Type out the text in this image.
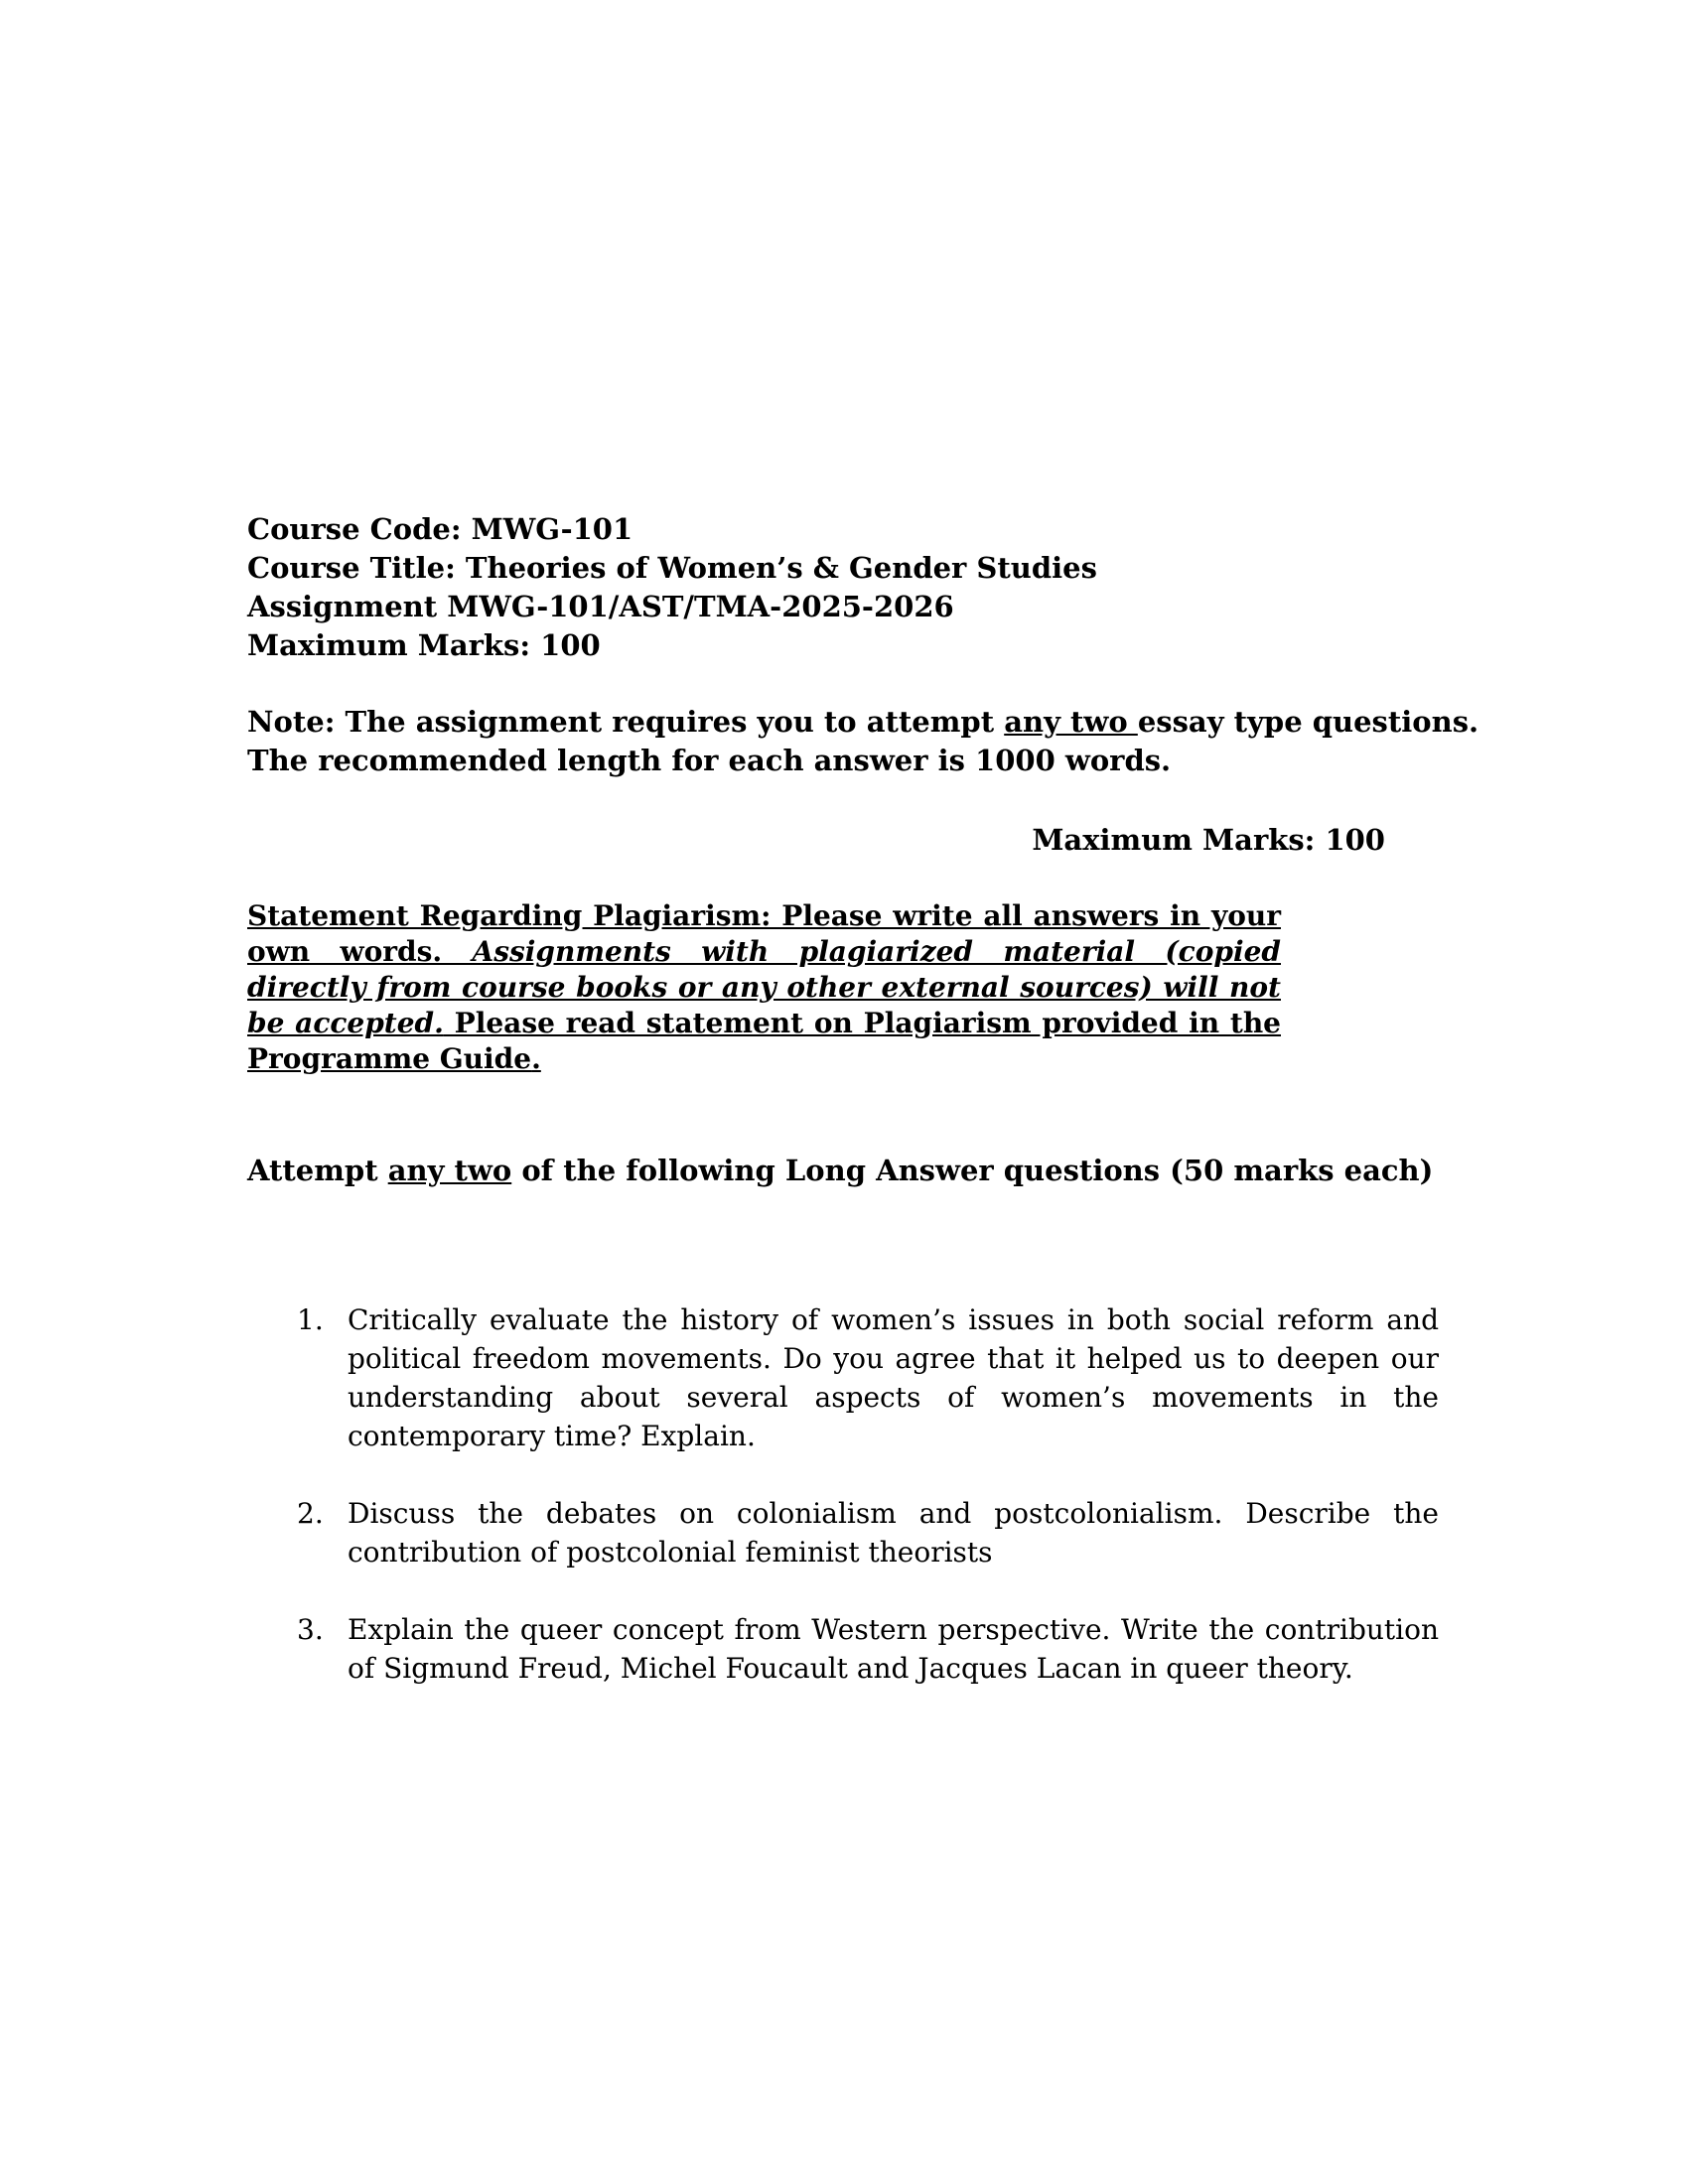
Course Code: MWG-101
Course Title: Theories of Women’s & Gender Studies
Assignment MWG-101/AST/TMA-2025-2026
Maximum Marks: 100
Note: The assignment requires you to attempt any two essay type questions.
The recommended length for each answer is 1000 words.
Maximum Marks: 100
Statement Regarding Plagiarism: Please write all answers in your own words. Assignments with plagiarized material (copied directly from course books or any other external sources) will not be accepted. Please read statement on Plagiarism provided in the Programme Guide.
Attempt any two of the following Long Answer questions (50 marks each)
1. Critically evaluate the history of women’s issues in both social reform and political freedom movements. Do you agree that it helped us to deepen our understanding about several aspects of women’s movements in the contemporary time? Explain.
2. Discuss the debates on colonialism and postcolonialism. Describe the contribution of postcolonial feminist theorists
3. Explain the queer concept from Western perspective. Write the contribution of Sigmund Freud, Michel Foucault and Jacques Lacan in queer theory.
